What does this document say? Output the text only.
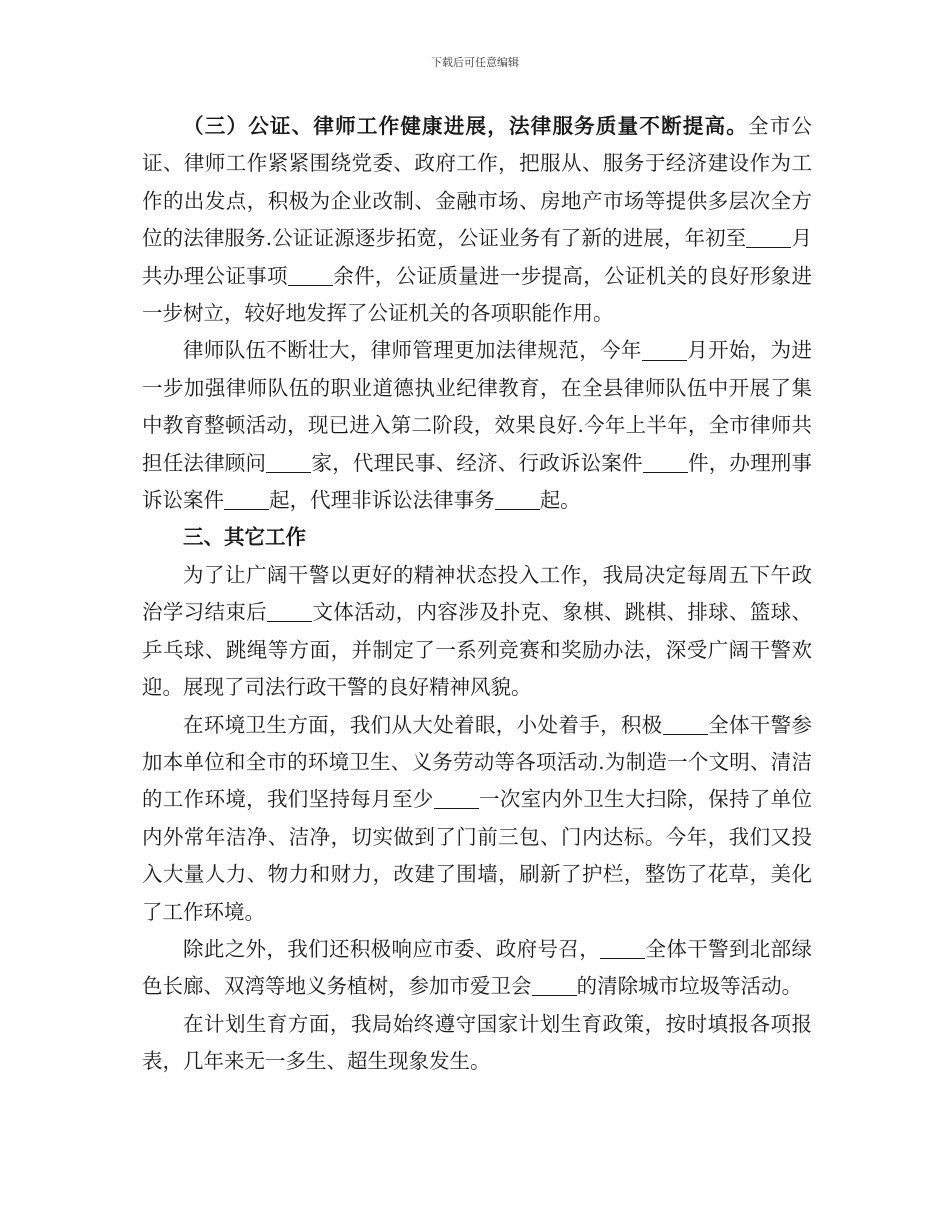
下载后可任意编辑

（三）公证、律师工作健康进展，法律服务质量不断提高。全市公证、律师工作紧紧围绕党委、政府工作，把服从、服务于经济建设作为工作的出发点，积极为企业改制、金融市场、房地产市场等提供多层次全方位的法律服务.公证证源逐步拓宽，公证业务有了新的进展，年初至 月共办理公证事项 余件，公证质量进一步提高，公证机关的良好形象进一步树立，较好地发挥了公证机关的各项职能作用。

律师队伍不断壮大，律师管理更加法律规范，今年 月开始，为进一步加强律师队伍的职业道德执业纪律教育，在全县律师队伍中开展了集中教育整顿活动，现已进入第二阶段，效果良好.今年上半年，全市律师共担任法律顾问 家，代理民事、经济、行政诉讼案件 件，办理刑事诉讼案件 起，代理非诉讼法律事务 起。

三、其它工作

为了让广阔干警以更好的精神状态投入工作，我局决定每周五下午政治学习结束后 文体活动，内容涉及扑克、象棋、跳棋、排球、篮球、乒乓球、跳绳等方面，并制定了一系列竞赛和奖励办法，深受广阔干警欢迎。展现了司法行政干警的良好精神风貌。

在环境卫生方面，我们从大处着眼，小处着手，积极 全体干警参加本单位和全市的环境卫生、义务劳动等各项活动.为制造一个文明、清洁的工作环境，我们坚持每月至少 一次室内外卫生大扫除，保持了单位内外常年洁净、洁净，切实做到了门前三包、门内达标。今年，我们又投入大量人力、物力和财力，改建了围墙，刷新了护栏，整饬了花草，美化了工作环境。

除此之外，我们还积极响应市委、政府号召， 全体干警到北部绿色长廊、双湾等地义务植树，参加市爱卫会 的清除城市垃圾等活动。

在计划生育方面，我局始终遵守国家计划生育政策，按时填报各项报表，几年来无一多生、超生现象发生。
